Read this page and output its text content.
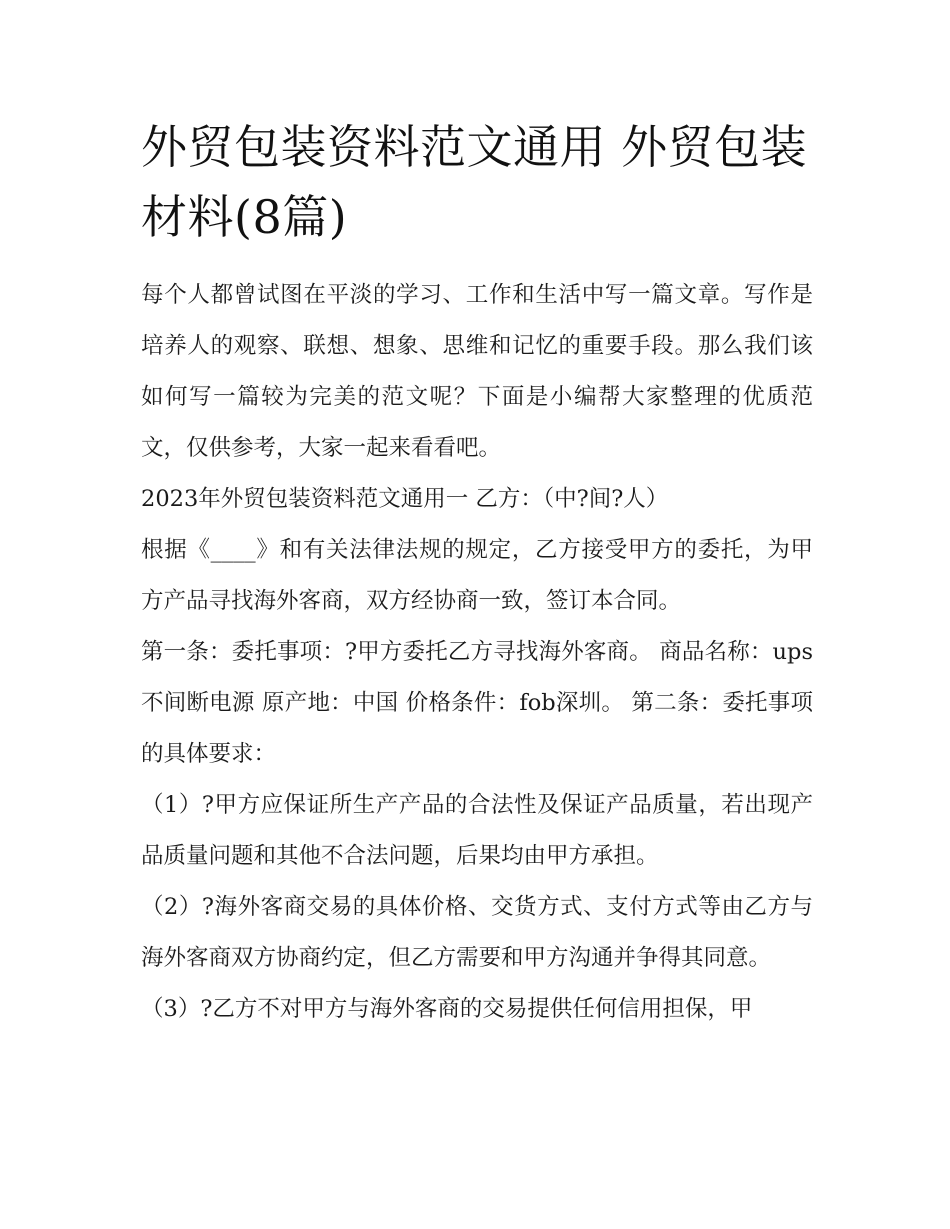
外贸包装资料范文通用 外贸包装材料(8篇)

每个人都曾试图在平淡的学习、工作和生活中写一篇文章。写作是培养人的观察、联想、想象、思维和记忆的重要手段。那么我们该如何写一篇较为完美的范文呢？下面是小编帮大家整理的优质范文，仅供参考，大家一起来看看吧。

2023年外贸包装资料范文通用一 乙方：（中?间?人）

根据《____》和有关法律法规的规定，乙方接受甲方的委托，为甲方产品寻找海外客商，双方经协商一致，签订本合同。

第一条：委托事项：?甲方委托乙方寻找海外客商。 商品名称：ups不间断电源 原产地：中国 价格条件：fob深圳。 第二条：委托事项的具体要求：

（1）?甲方应保证所生产产品的合法性及保证产品质量，若出现产品质量问题和其他不合法问题，后果均由甲方承担。

（2）?海外客商交易的具体价格、交货方式、支付方式等由乙方与海外客商双方协商约定，但乙方需要和甲方沟通并争得其同意。

（3）?乙方不对甲方与海外客商的交易提供任何信用担保，甲
